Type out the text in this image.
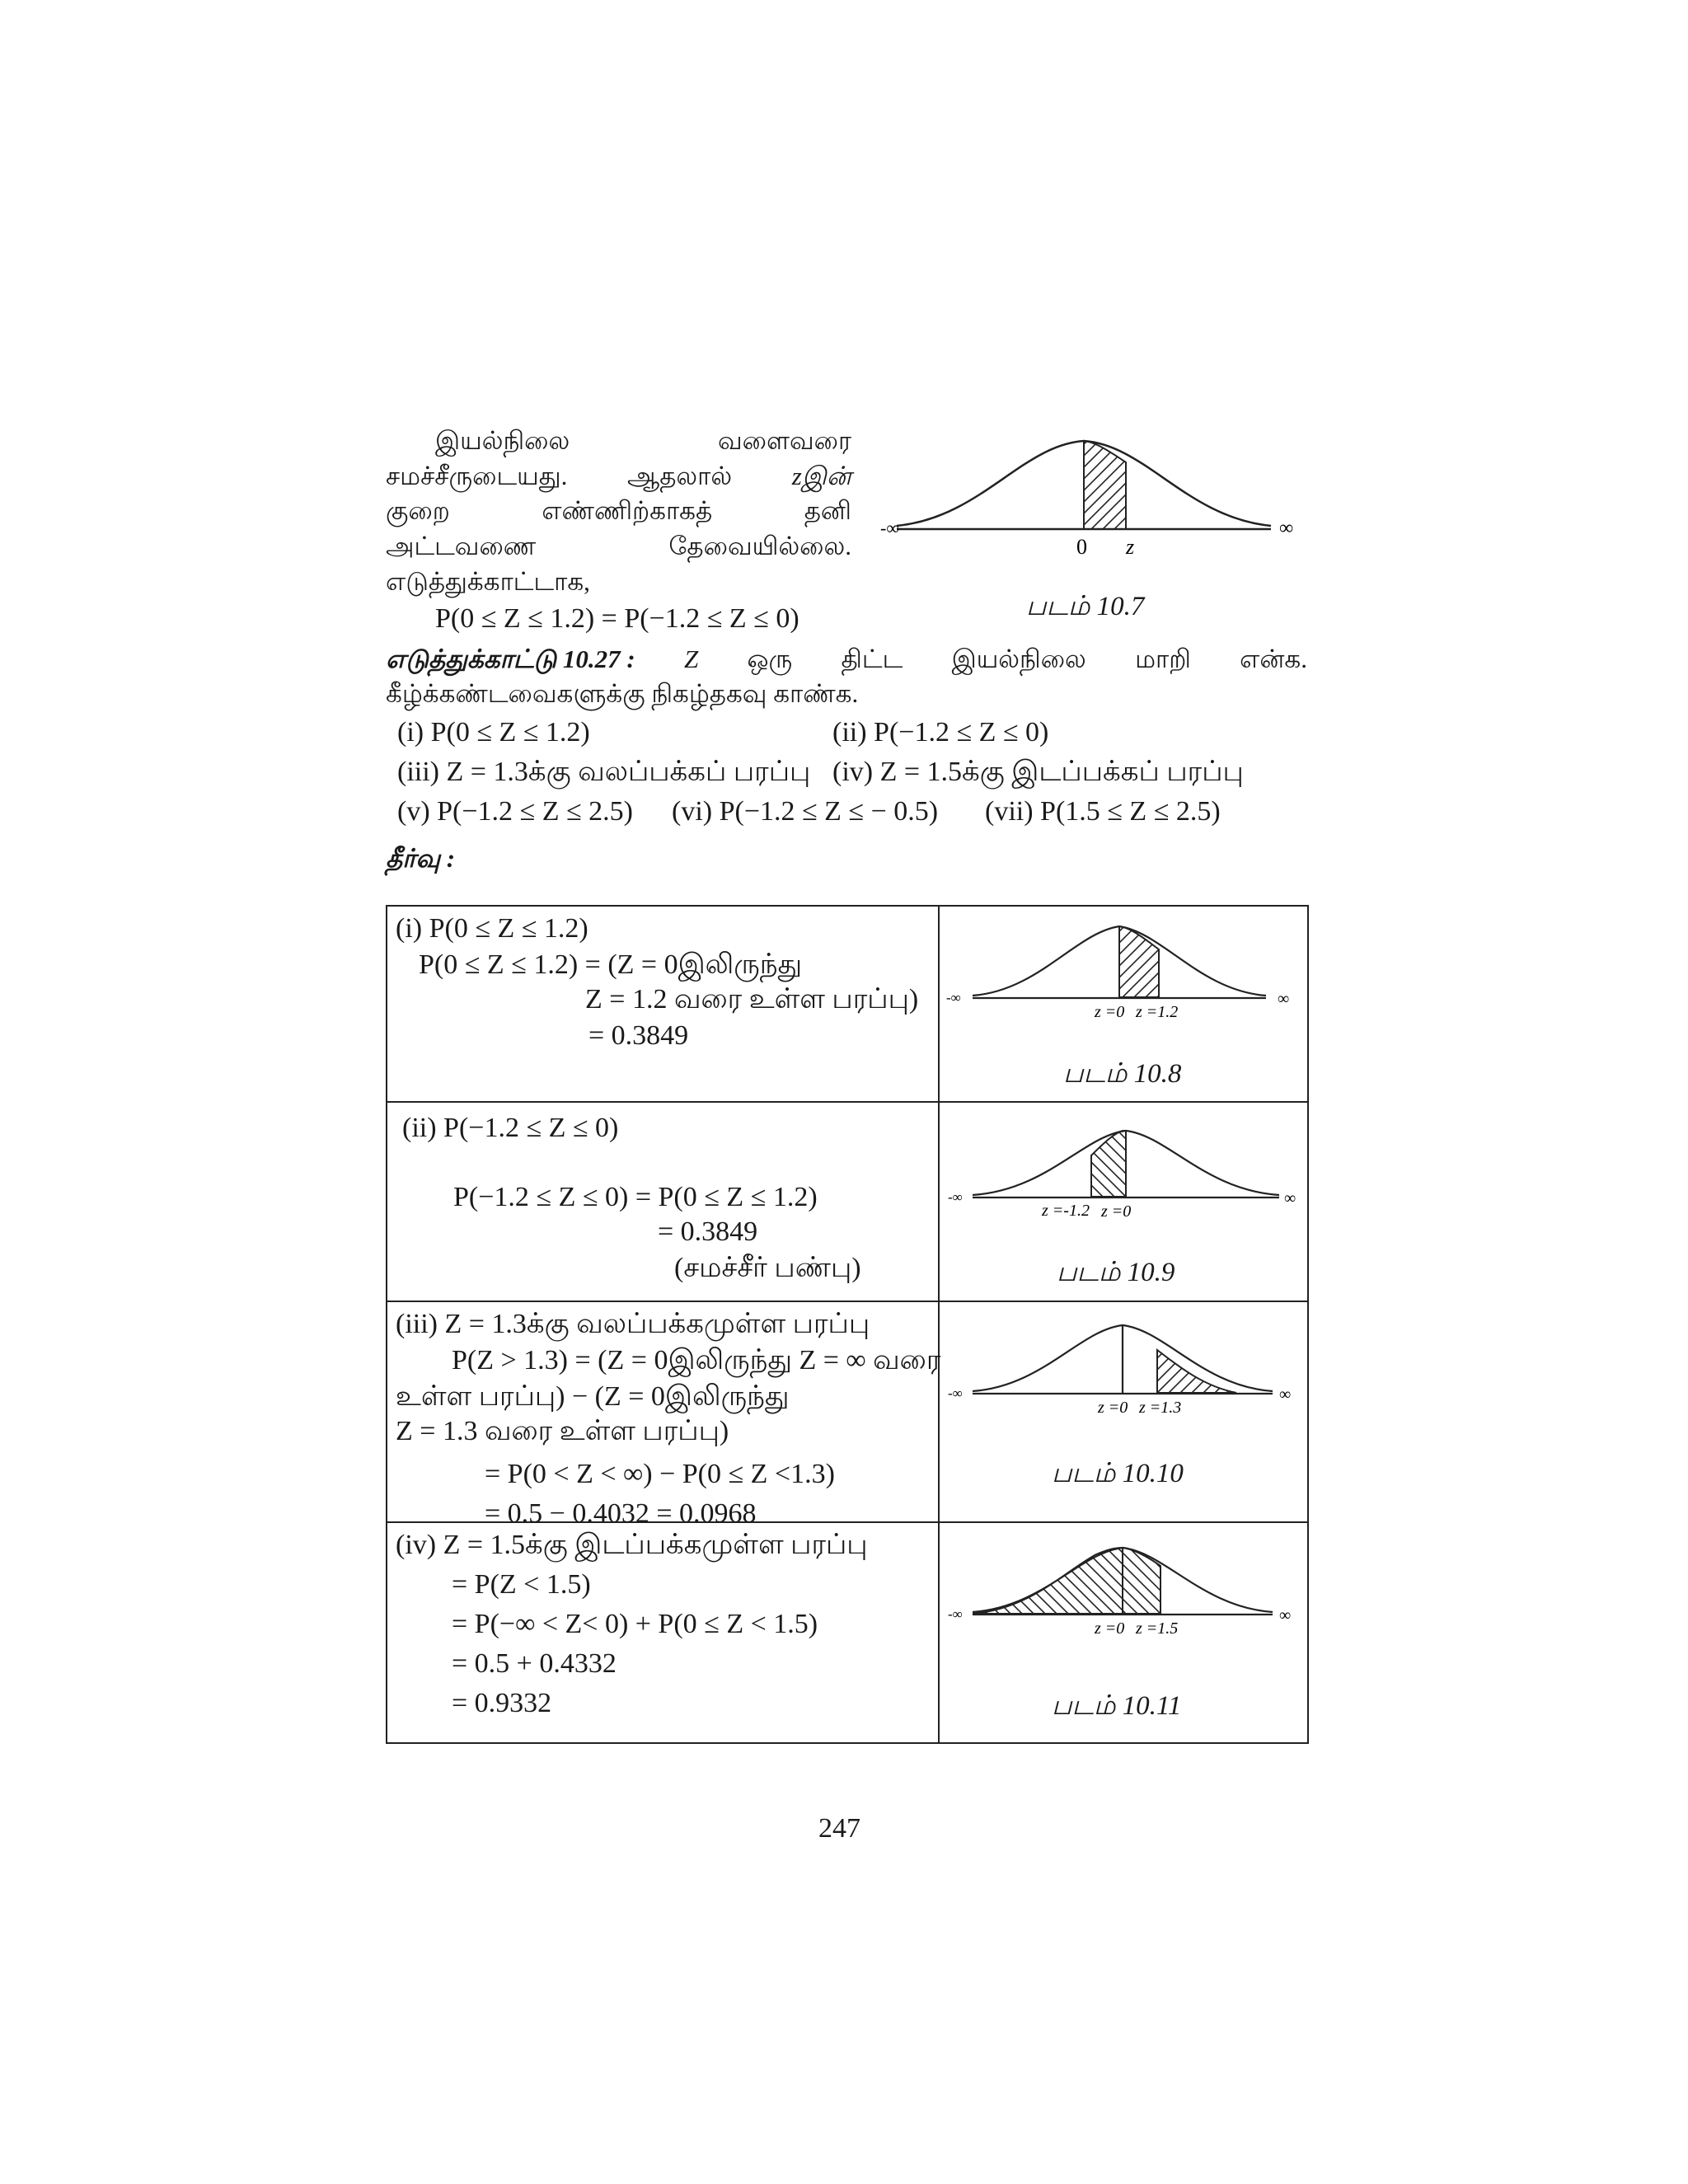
இயல்நிலை	வளைவரை
சமச்சீருடையது. ஆதலால் zஇன்
குறை	எண்ணிற்காகத்	தனி
அட்டவணை	தேவையில்லை.
எடுத்துக்காட்டாக,
P(0 ≤ Z ≤ 1.2) = P(−1.2 ≤ Z ≤ 0)
-∞	∞
0 z
படம் 10.7
எடுத்துக்காட்டு 10.27 : Z ஒரு திட்ட இயல்நிலை மாறி என்க.
கீழ்க்கண்டவைகளுக்கு நிகழ்தகவு காண்க.
(i) P(0 ≤ Z ≤ 1.2)	(ii) P(−1.2 ≤ Z ≤ 0)
(iii) Z = 1.3க்கு வலப்பக்கப் பரப்பு (iv) Z = 1.5க்கு இடப்பக்கப் பரப்பு
(v) P(−1.2 ≤ Z ≤ 2.5) (vi) P(−1.2 ≤ Z ≤ − 0.5) (vii) P(1.5 ≤ Z ≤ 2.5)
தீர்வு :
(i) P(0 ≤ Z ≤ 1.2)
P(0 ≤ Z ≤ 1.2) = (Z = 0இலிருந்து
Z = 1.2 வரை உள்ள பரப்பு)
= 0.3849
-∞	∞
z =0 z =1.2
படம் 10.8
(ii) P(−1.2 ≤ Z ≤ 0)
P(−1.2 ≤ Z ≤ 0) = P(0 ≤ Z ≤ 1.2)
= 0.3849
(சமச்சீர் பண்பு)
-∞	∞
z =-1.2 z =0
படம் 10.9
(iii) Z = 1.3க்கு வலப்பக்கமுள்ள பரப்பு
P(Z > 1.3) = (Z = 0இலிருந்து Z = ∞ வரை
உள்ள பரப்பு) − (Z = 0இலிருந்து
Z = 1.3 வரை உள்ள பரப்பு)
= P(0 < Z < ∞) − P(0 ≤ Z <1.3)
= 0.5 − 0.4032 = 0.0968
-∞	∞
z =0 z =1.3
படம் 10.10
(iv) Z = 1.5க்கு இடப்பக்கமுள்ள பரப்பு
= P(Z < 1.5)
= P(−∞ < Z< 0) + P(0 ≤ Z < 1.5)
= 0.5 + 0.4332
= 0.9332
-∞	∞
z =0 z =1.5
படம் 10.11
247
